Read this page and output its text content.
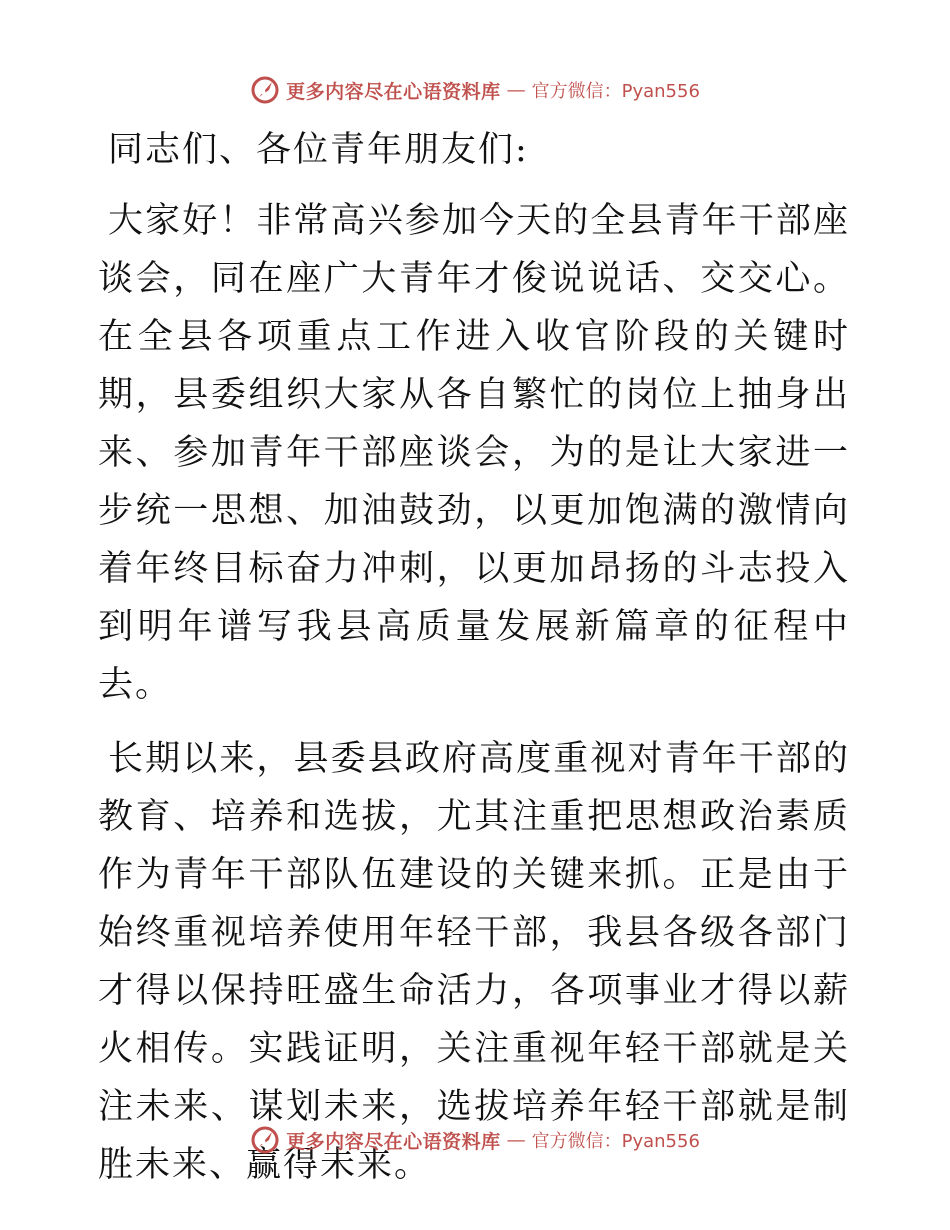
更多内容尽在心语资料库 — 官方微信：Pyan556

同志们、各位青年朋友们:

大家好！非常高兴参加今天的全县青年干部座谈会，同在座广大青年才俊说说话、交交心。在全县各项重点工作进入收官阶段的关键时期，县委组织大家从各自繁忙的岗位上抽身出来、参加青年干部座谈会，为的是让大家进一步统一思想、加油鼓劲，以更加饱满的激情向着年终目标奋力冲刺，以更加昂扬的斗志投入到明年谱写我县高质量发展新篇章的征程中去。

长期以来，县委县政府高度重视对青年干部的教育、培养和选拔，尤其注重把思想政治素质作为青年干部队伍建设的关键来抓。正是由于始终重视培养使用年轻干部，我县各级各部门才得以保持旺盛生命活力，各项事业才得以薪火相传。实践证明，关注重视年轻干部就是关注未来、谋划未来，选拔培养年轻干部就是制胜未来、赢得未来。

更多内容尽在心语资料库 — 官方微信：Pyan556
